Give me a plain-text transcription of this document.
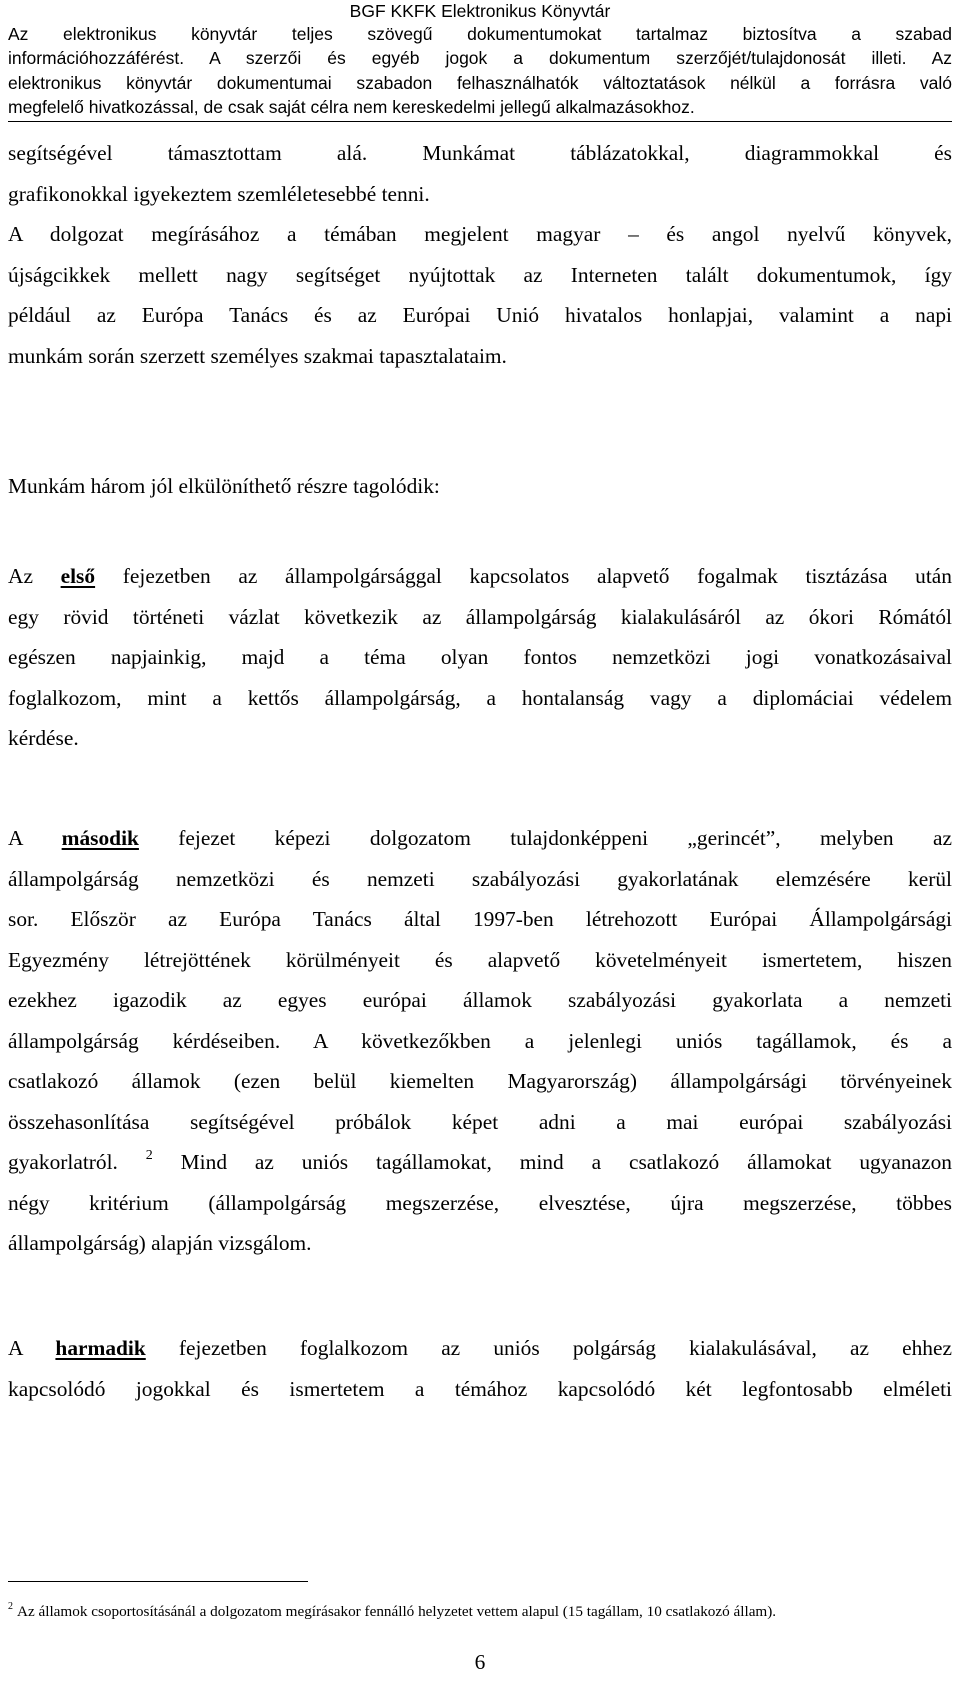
BGF KKFK Elektronikus Könyvtár
Az elektronikus könyvtár teljes szövegű dokumentumokat tartalmaz biztosítva a szabad
információhozzáférést. A szerzői és egyéb jogok a dokumentum szerzőjét/tulajdonosát illeti. Az
elektronikus könyvtár dokumentumai szabadon felhasználhatók változtatások nélkül a forrásra való
megfelelő hivatkozással, de csak saját célra nem kereskedelmi jellegű alkalmazásokhoz.
segítségével támasztottam alá. Munkámat táblázatokkal, diagrammokkal és
grafikonokkal igyekeztem szemléletesebbé tenni.
A dolgozat megírásához a témában megjelent magyar – és angol nyelvű könyvek,
újságcikkek mellett nagy segítséget nyújtottak az Interneten talált dokumentumok, így
például az Európa Tanács és az Európai Unió hivatalos honlapjai, valamint a napi
munkám során szerzett személyes szakmai tapasztalataim.
Munkám három jól elkülöníthető részre tagolódik:
Az első fejezetben az állampolgársággal kapcsolatos alapvető fogalmak tisztázása után
egy rövid történeti vázlat következik az állampolgárság kialakulásáról az ókori Rómától
egészen napjainkig, majd a téma olyan fontos nemzetközi jogi vonatkozásaival
foglalkozom, mint a kettős állampolgárság, a hontalanság vagy a diplomáciai védelem
kérdése.
A második fejezet képezi dolgozatom tulajdonképpeni „gerincét”, melyben az
állampolgárság nemzetközi és nemzeti szabályozási gyakorlatának elemzésére kerül
sor. Először az Európa Tanács által 1997-ben létrehozott Európai Állampolgársági
Egyezmény létrejöttének körülményeit és alapvető követelményeit ismertetem, hiszen
ezekhez igazodik az egyes európai államok szabályozási gyakorlata a nemzeti
állampolgárság kérdéseiben. A következőkben a jelenlegi uniós tagállamok, és a
csatlakozó államok (ezen belül kiemelten Magyarország) állampolgársági törvényeinek
összehasonlítása segítségével próbálok képet adni a mai európai szabályozási
gyakorlatról. $^2$ Mind az uniós tagállamokat, mind a csatlakozó államokat ugyanazon
négy kritérium (állampolgárság megszerzése, elvesztése, újra megszerzése, többes
állampolgárság) alapján vizsgálom.
A harmadik fejezetben foglalkozom az uniós polgárság kialakulásával, az ehhez
kapcsolódó jogokkal és ismertetem a témához kapcsolódó két legfontosabb elméleti
$^2$ Az államok csoportosításánál a dolgozatom megírásakor fennálló helyzetet vettem alapul (15 tagállam, 10 csatlakozó állam).
6
